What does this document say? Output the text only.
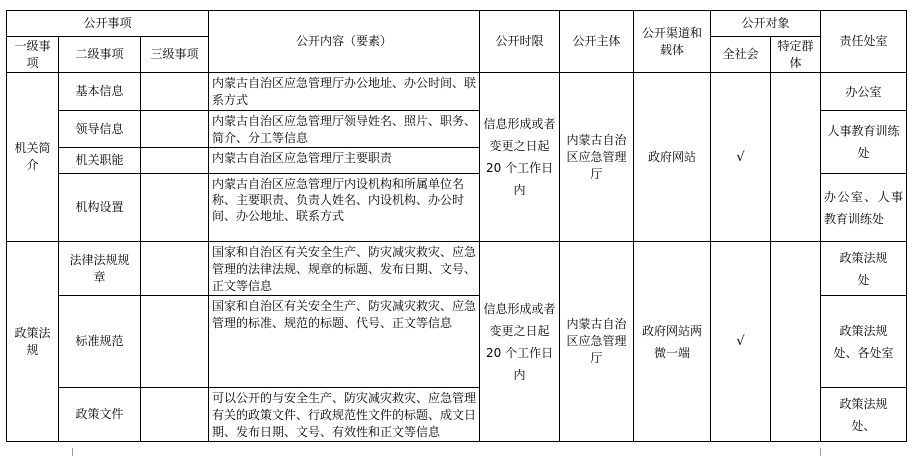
公开事项			公开内容（要素）	公开时限	公开主体	公开渠道和载体	公开对象		责任处室
一级事项	二级事项	三级事项					全社会	特定群体	
机关简介	基本信息		内蒙古自治区应急管理厅办公地址、办公时间、联系方式	信息形成或者变更之日起 20 个工作日内	内蒙古自治区应急管理厅	政府网站	√		办公室
	领导信息		内蒙古自治区应急管理厅领导姓名、照片、职务、简介、分工等信息						人事教育训练处
	机关职能		内蒙古自治区应急管理厅主要职责						
	机构设置		内蒙古自治区应急管理厅内设机构和所属单位名称、主要职责、负责人姓名、内设机构、办公时间、办公地址、联系方式						办公室、人事教育训练处
政策法规	法律法规规章		国家和自治区有关安全生产、防灾减灾救灾、应急管理的法律法规、规章的标题、发布日期、文号、正文等信息	信息形成或者变更之日起 20 个工作日内	内蒙古自治区应急管理厅	政府网站两微一端	√		政策法规处
	标准规范		国家和自治区有关安全生产、防灾减灾救灾、应急管理的标准、规范的标题、代号、正文等信息						政策法规处、各处室
	政策文件		可以公开的与安全生产、防灾减灾救灾、应急管理有关的政策文件、行政规范性文件的标题、成文日期、发布日期、文号、有效性和正文等信息						政策法规处、
